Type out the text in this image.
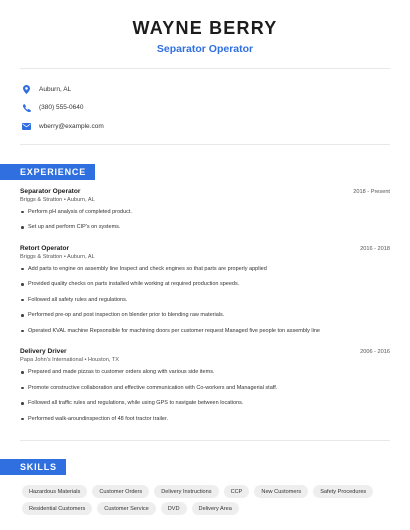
WAYNE BERRY
Separator Operator
Auburn, AL
(380) 555-0640
wberry@example.com
EXPERIENCE
Separator Operator	2018 - Present
Briggs & Stratton • Auburn, AL
Perform pH analysis of completed product.
Set up and perform CIP's on systems.
Retort Operator	2016 - 2018
Briggs & Stratton • Auburn, AL
Add parts to engine on assembly line Inspect and check engines so that parts are properly applied
Provided quality checks on parts installed while working at required production speeds.
Followed all safety rules and regulations.
Performed pre-op and post inspection on blender prior to blending raw materials.
Operated KVAL machine Repsonsible for machining doors per customer request Managed five people ton assembly line
Delivery Driver	2006 - 2016
Papa John's International • Houston, TX
Prepared and made pizzas to customer orders along with various side items.
Promote constructive collaboration and effective communication with Co-workers and Managerial staff.
Followed all traffic rules and regulations, while using GPS to navigate between locations.
Performed walk-aroundinspection of 48 foot tractor trailer.
SKILLS
Hazardous Materials	Customer Orders	Delivery Instructions	CCP	New Customers	Safety Procedures
Residential Customers	Customer Service	DVD	Delivery Area
